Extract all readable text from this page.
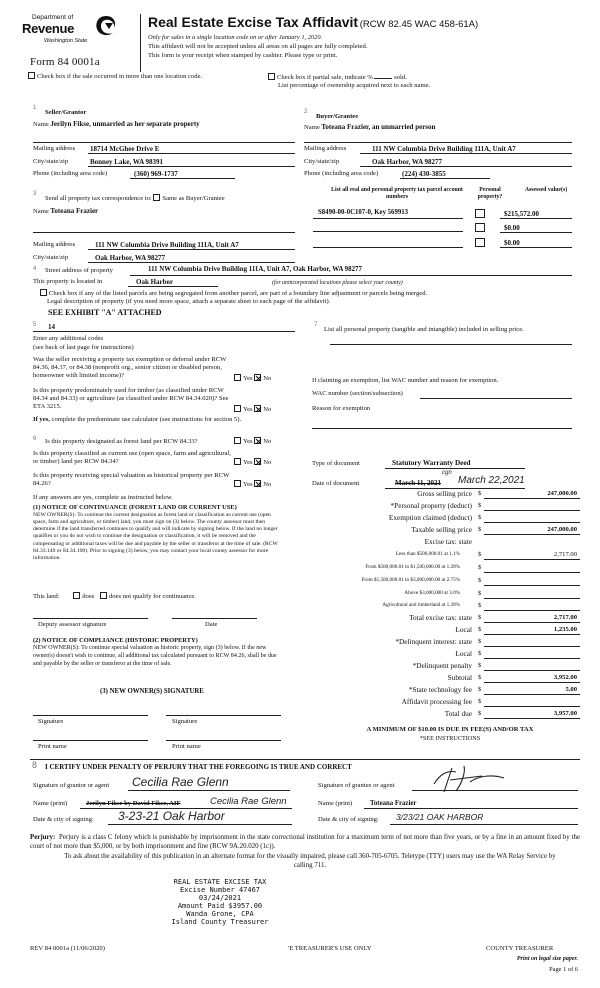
Department of
Revenue
Washington State
Form 84 0001a
Real Estate Excise Tax Affidavit (RCW 82.45 WAC 458-61A)
Only for sales in a single location code on or after January 1, 2020.
This affidavit will not be accepted unless all areas on all pages are fully completed.
This form is your receipt when stamped by cashier. Please type or print.
Check box if the sale occurred in more than one location code.	Check box if partial sale, indicate %	sold.
List percentage of ownership acquired next to each name.
1
Seller/Grantor
Name Jerilyn Fikse, unmarried as her separate property
Mailing address 18714 McGhee Drive E
City/state/zip	Bonney Lake, WA 98391
Phone (including area code)	(360) 969-1737
2
Buyer/Grantee
Name Toteana Frazier, an unmarried person
Mailing address	111 NW Columbia Drive Building 111A, Unit A7
City/state/zip	Oak Harbor, WA 98277
Phone (including area code)	(224) 430-3855
3
Send all property tax correspondence to: Same as Buyer/Grantee
Name Toteana Frazier
Mailing address	111 NW Columbia Drive Building 111A, Unit A7
City/state/zip	Oak Harbor, WA 98277
List all real and personal property tax parcel account numbers
Personal property?
Assessed value(s)
S8490-00-0C107-0, Key 569913	$215,572.00
$0.00
$0.00
4 Street address of property	111 NW Columbia Drive Building 111A, Unit A7, Oak Harbor, WA 98277
This property is located in	Oak Harbor	(for unincorporated locations please select your county)
Check box if any of the listed parcels are being segregated from another parcel, are part of a boundary line adjustment or parcels being merged.
Legal description of property (if you need more space, attach a separate sheet to each page of the affidavit).
SEE EXHIBIT "A" ATTACHED
5 14
Enter any additional codes
(see back of last page for instructions)
Was the seller receiving a property tax exemption or deferral under RCW 84.36, 84.37, or 84.38 (nonprofit org., senior citizen or disabled person, homeowner with limited income)?	Yes No
Is this property predominately used for timber (as classified under RCW 84.34 and 84.33) or agriculture (as classified under RCW 84.34.020)? See ETA 3215.	Yes No
If yes, complete the predominate use calculator (see instructions for section 5).
6 Is this property designated as forest land per RCW 84.33?	Yes No
Is this property classified as current use (open space, farm and agricultural, or timber) land per RCW 84.34?	Yes No
Is this property receiving special valuation as historical property per RCW 84.26?	Yes No
If any answers are yes, complete as instructed below.
(1) NOTICE OF CONTINUANCE (FOREST LAND OR CURRENT USE)
NEW OWNER(S): To continue the current designation as forest land or classification as current use (open space, farm and agriculture, or timber) land, you must sign on (3) below. The county assessor must then determine if the land transferred continues to qualify and will indicate by signing below. If the land no longer qualifies or you do not wish to continue the designation or classification, it will be removed and the compensating or additional taxes will be due and payable by the seller or transferor at the time of sale. (RCW 84.33.140 or 84.34.108). Prior to signing (3) below, you may contact your local county assessor for more information.
This land:	does does not qualify for continuance.
Deputy assessor signature	Date
(2) NOTICE OF COMPLIANCE (HISTORIC PROPERTY)
NEW OWNER(S): To continue special valuation as historic property, sign (3) below. If the new owner(s) doesn't wish to continue, all additional tax calculated pursuant to RCW 84.26, shall be due and payable by the seller or transferor at the time of sale.
(3) NEW OWNER(S) SIGNATURE
Signature	Signature
Print name	Print name
7
List all personal property (tangible and intangible) included in selling price.
If claiming an exemption, list WAC number and reason for exemption.
WAC number (section/subsection)
Reason for exemption
Type of document	Statutory Warranty Deed
Date of document	March 11, 2021
cgn
March 22,2021
Gross selling price $	247,000.00
*Personal property (deduct) $
Exemption claimed (deduct) $
Taxable selling price $	247,000.00
Excise tax: state
Less than $500,000.01 at 1.1%	$	2,717.00
From $500,000.01 to $1,500,000.00 at 1.28%	$
From $1,500,000.01 to $3,000,000.00 at 2.75%	$
Above $3,000,000 at 3.0%	$
Agricultural and timberland at 1.28%	$
Total excise tax: state $	2,717.00
Local $	1,235.00
*Delinquent interest: state $
Local $
*Delinquent penalty $
Subtotal $	3,952.00
*State technology fee $	5.00
Affidavit processing fee $
Total due $	3,957.00
A MINIMUM OF $10.00 IS DUE IN FEE(S) AND/OR TAX
*SEE INSTRUCTIONS
8 I CERTIFY UNDER PENALTY OF PERJURY THAT THE FOREGOING IS TRUE AND CORRECT
Signature of grantor or agent Cecilia Rae Glenn	Signature of grantee or agent
Name (print)	Jerilyn Fikse by David Fikse, AIF	Cecilia Rae Glenn	Name (print)	Toteana Frazier
Date & city of signing: 3-23-21 Oak Harbor	Date & city of signing: 3/23/21 OAK HARBOR
Perjury: Perjury is a class C felony which is punishable by imprisonment in the state correctional institution for a maximum term of not more than five years, or by a fine in an amount fixed by the court of not more than $5,000, or by both imprisonment and fine (RCW 9A.20.020 (1c)).
To ask about the availability of this publication in an alternate format for the visually impaired, please call 360-705-6705. Teletype (TTY) users may use the WA Relay Service by calling 711.
REAL ESTATE EXCISE TAX
Excise Number 47467
03/24/2021
Amount Paid $3957.00
Wanda Grone, CPA
Island County Treasurer
REV 84 0001a (11/06/2020)	'E TREASURER'S USE ONLY	COUNTY TREASURER
Print on legal size paper.
Page 1 of 6
